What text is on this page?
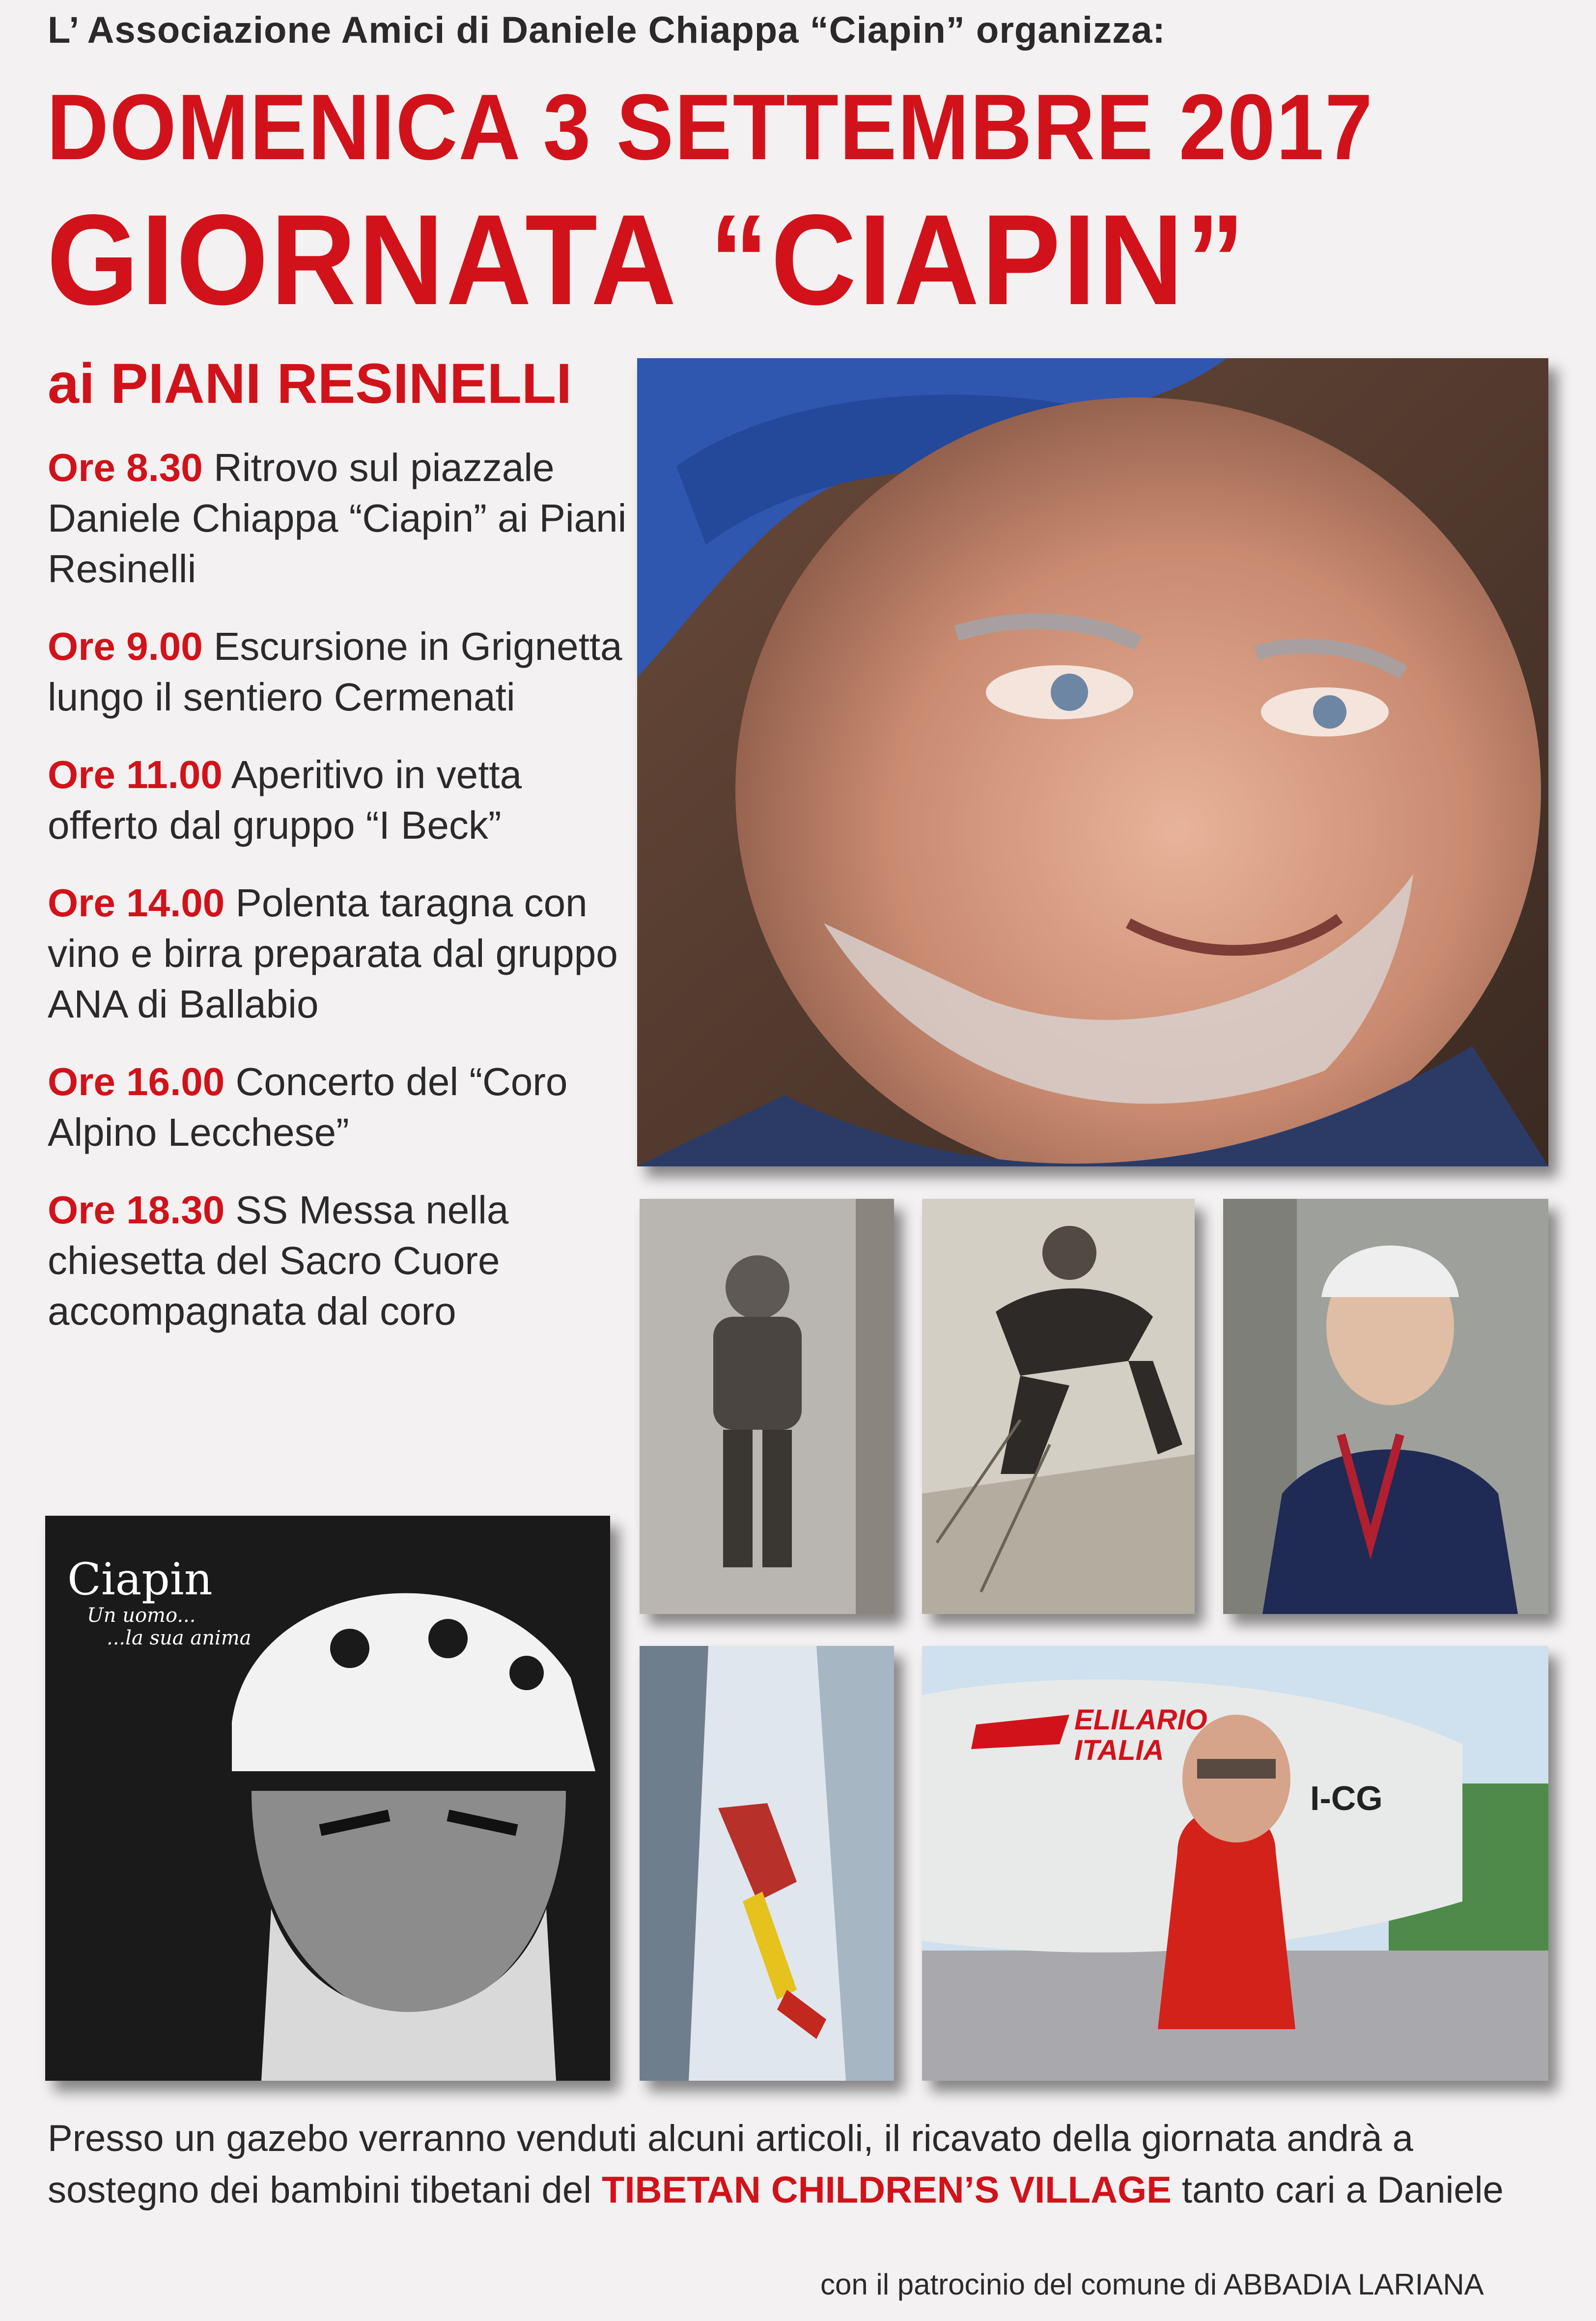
L’ Associazione Amici di Daniele Chiappa “Ciapin” organizza:
DOMENICA 3 SETTEMBRE 2017
GIORNATA “CIAPIN”
ai PIANI RESINELLI
Ore 8.30 Ritrovo sul piazzale Daniele Chiappa “Ciapin” ai Piani Resinelli
Ore 9.00 Escursione in Grignetta lungo il sentiero Cermenati
Ore 11.00 Aperitivo in vetta offerto dal gruppo “I Beck”
Ore 14.00 Polenta taragna con vino e birra preparata dal gruppo ANA di Ballabio
Ore 16.00 Concerto del “Coro Alpino Lecchese”
Ore 18.30 SS Messa nella chiesetta del Sacro Cuore accompagnata dal coro
Ciapin
Un uomo...
...la sua anima
ELILARIO
ITALIA
I-CG
Presso un gazebo verranno venduti alcuni articoli, il ricavato della giornata andrà a sostegno dei bambini tibetani del TIBETAN CHILDREN’S VILLAGE tanto cari a Daniele
con il patrocinio del comune di ABBADIA LARIANA
